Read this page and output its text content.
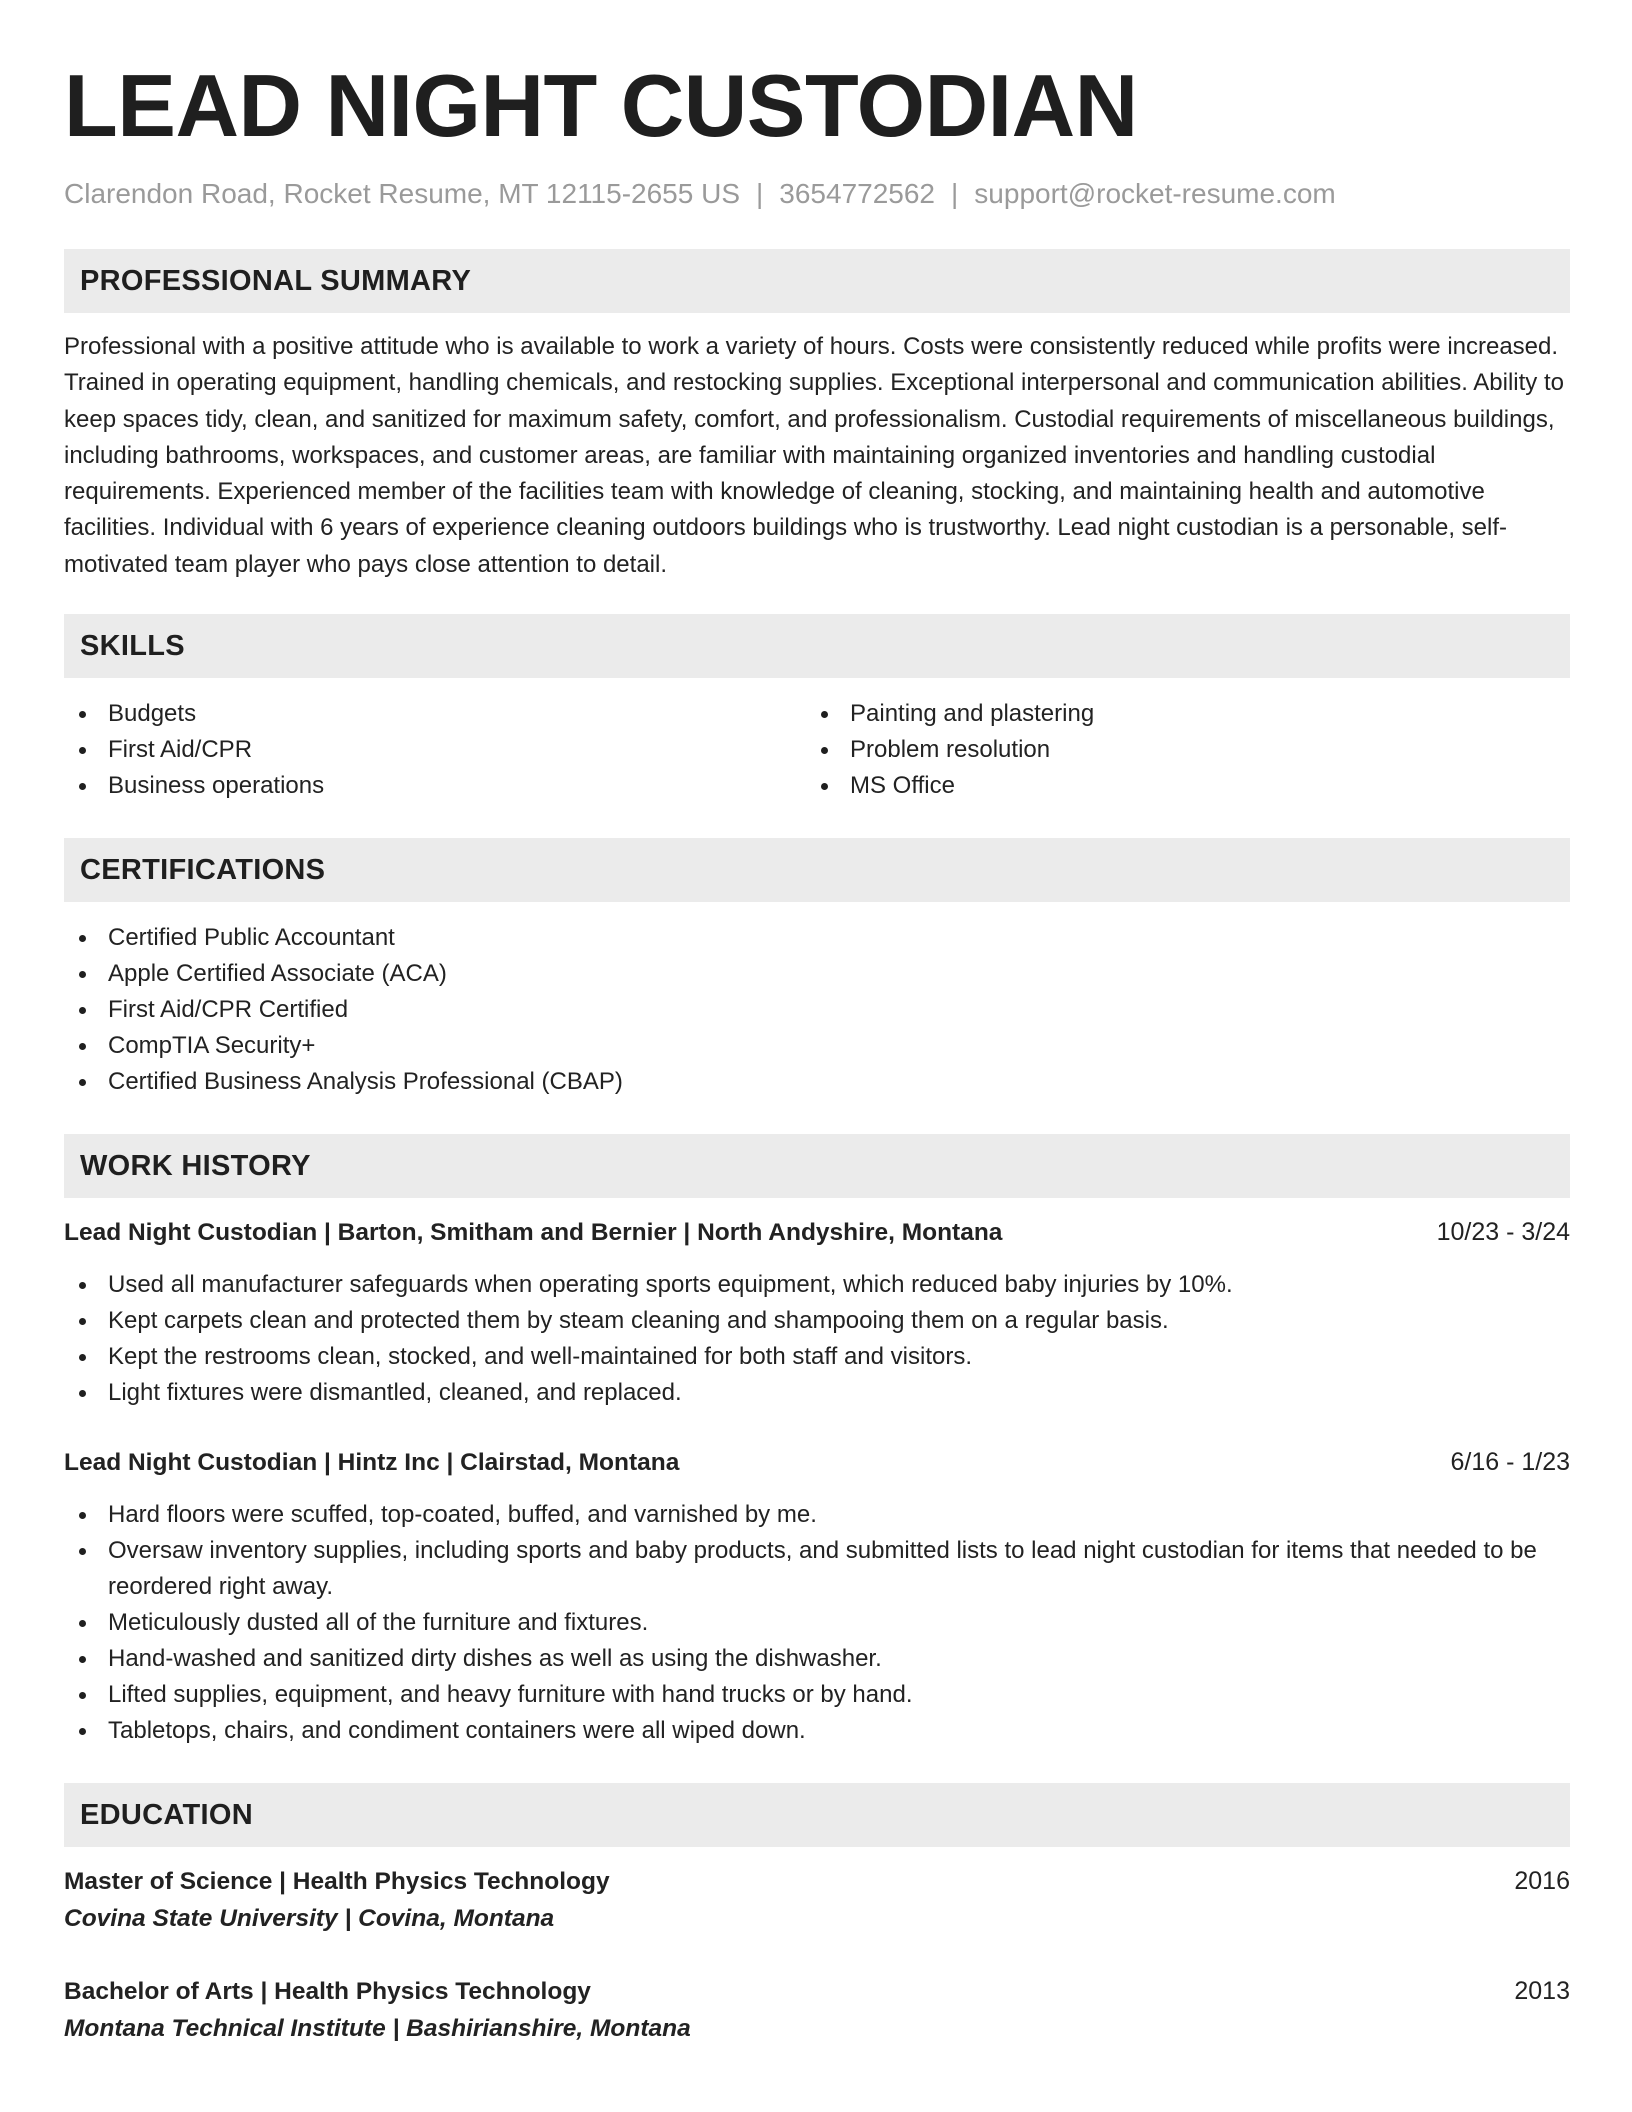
LEAD NIGHT CUSTODIAN
Clarendon Road, Rocket Resume, MT 12115-2655 US | 3654772562 | support@rocket-resume.com
PROFESSIONAL SUMMARY

Professional with a positive attitude who is available to work a variety of hours. Costs were consistently reduced while profits were increased. Trained in operating equipment, handling chemicals, and restocking supplies. Exceptional interpersonal and communication abilities. Ability to keep spaces tidy, clean, and sanitized for maximum safety, comfort, and professionalism. Custodial requirements of miscellaneous buildings, including bathrooms, workspaces, and customer areas, are familiar with maintaining organized inventories and handling custodial requirements. Experienced member of the facilities team with knowledge of cleaning, stocking, and maintaining health and automotive facilities. Individual with 6 years of experience cleaning outdoors buildings who is trustworthy. Lead night custodian is a personable, self-motivated team player who pays close attention to detail.

SKILLS
Budgets
First Aid/CPR
Business operations
Painting and plastering
Problem resolution
MS Office
CERTIFICATIONS
Certified Public Accountant
Apple Certified Associate (ACA)
First Aid/CPR Certified
CompTIA Security+
Certified Business Analysis Professional (CBAP)
WORK HISTORY
Lead Night Custodian | Barton, Smitham and Bernier | North Andyshire, Montana	10/23 - 3/24
Used all manufacturer safeguards when operating sports equipment, which reduced baby injuries by 10%.
Kept carpets clean and protected them by steam cleaning and shampooing them on a regular basis.
Kept the restrooms clean, stocked, and well-maintained for both staff and visitors.
Light fixtures were dismantled, cleaned, and replaced.
Lead Night Custodian | Hintz Inc | Clairstad, Montana	6/16 - 1/23
Hard floors were scuffed, top-coated, buffed, and varnished by me.
Oversaw inventory supplies, including sports and baby products, and submitted lists to lead night custodian for items that needed to be reordered right away.
Meticulously dusted all of the furniture and fixtures.
Hand-washed and sanitized dirty dishes as well as using the dishwasher.
Lifted supplies, equipment, and heavy furniture with hand trucks or by hand.
Tabletops, chairs, and condiment containers were all wiped down.
EDUCATION
Master of Science | Health Physics Technology	2016
Covina State University | Covina, Montana
Bachelor of Arts | Health Physics Technology	2013
Montana Technical Institute | Bashirianshire, Montana
